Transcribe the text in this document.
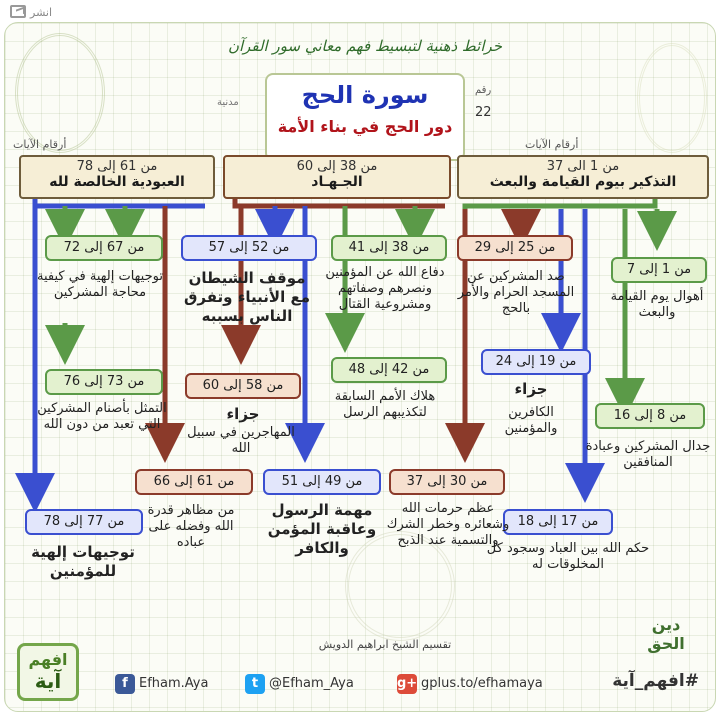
انشر
خرائط ذهنية لتبسيط فهم معاني سور القرآن
سورة الحج
دور الحج في بناء الأمة
رقم
22
مدنية
أرقام الآيات	أرقام الآيات
من 1 الى 37
التذكير بيوم القيامة والبعث
من 38 إلى 60
الجـهـاد
من 61 إلى 78
العبودية الخالصة لله
من 1 إلى 7
أهوال يوم القيامة والبعث
من 8 إلى 16
جدال المشركين وعبادة المنافقين
من 19 إلى 24
جزاء
الكافرين والمؤمنين
من 17 إلى 18
حكم الله بين العباد وسجود كل المخلوقات له
من 25 إلى 29
صد المشركين عن المسجد الحرام والأمر بالحج
من 30 إلى 37
عظم حرمات الله وشعائره وخطر الشرك والتسمية عند الذبح
من 38 إلى 41
دفاع الله عن المؤمنين ونصرهم وصفاتهم ومشروعية القتال
من 42 إلى 48
هلاك الأمم السابقة لتكذيبهم الرسل
من 52 إلى 57
موقف الشيطان مع الأنبياء وتفرق الناس بسببه
من 58 إلى 60
جزاء
المهاجرين في سبيل الله
من 49 إلى 51
مهمة الرسول وعاقبة المؤمن والكافر
من 67 إلى 72
توجيهات إلهية في كيفية محاجة المشركين
من 73 إلى 76
التمثل بأصنام المشركين التي تعبد من دون الله
من 61 إلى 66
من مظاهر قدرة الله وفضله على عباده
من 77 إلى 78
توجيهات إلهية للمؤمنين
تقسيم الشيخ ابراهيم الدويش
دين الحق
افهم
آية	f Efham.Aya	t @Efham_Aya	g+ gplus.to/efhamaya	#افهم_آية
